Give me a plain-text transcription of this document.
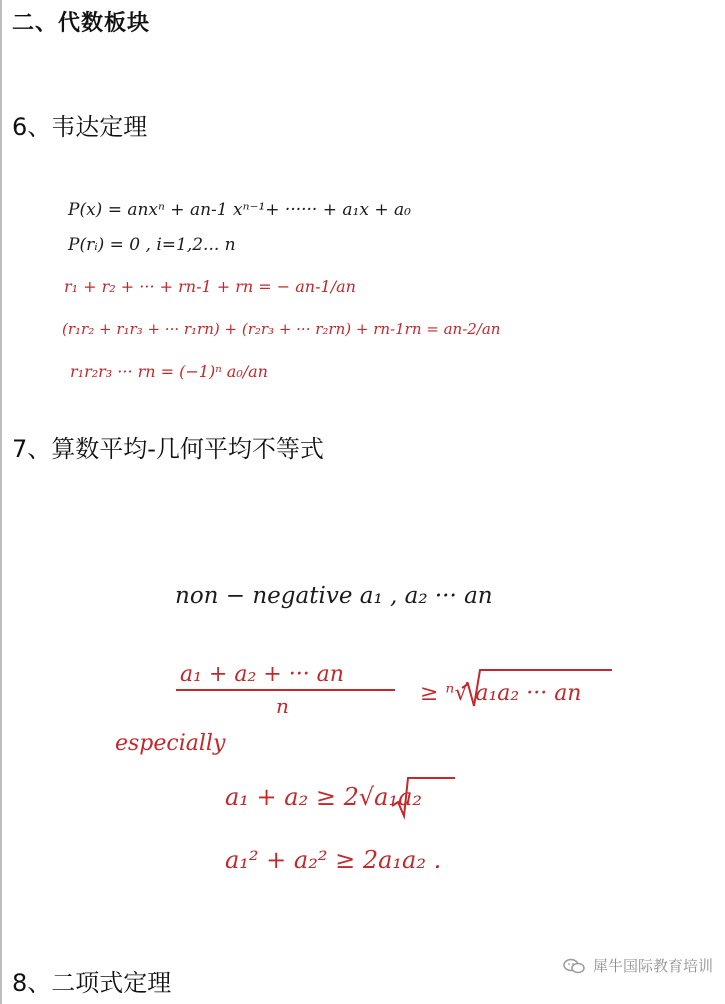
二、代数板块
6、韦达定理
7、算数平均-几何平均不等式
8、二项式定理
P(x) = anxⁿ + an-1 xⁿ⁻¹+ ······ + a₁x + a₀
P(rᵢ) = 0 , i=1,2... n
r₁ + r₂ + ··· + rn-1 + rn = − an-1/an
(r₁r₂ + r₁r₃ + ··· r₁rn) + (r₂r₃ + ··· r₂rn) + rn-1rn = an-2/an
r₁r₂r₃ ··· rn = (−1)ⁿ a₀/an
non − negative a₁ , a₂ ··· an
a₁ + a₂ + ··· an
n	≥ ⁿ√ a₁a₂ ··· an
especially
a₁ + a₂ ≥ 2√a₁a₂
a₁² + a₂² ≥ 2a₁a₂ .
犀牛国际教育培训
